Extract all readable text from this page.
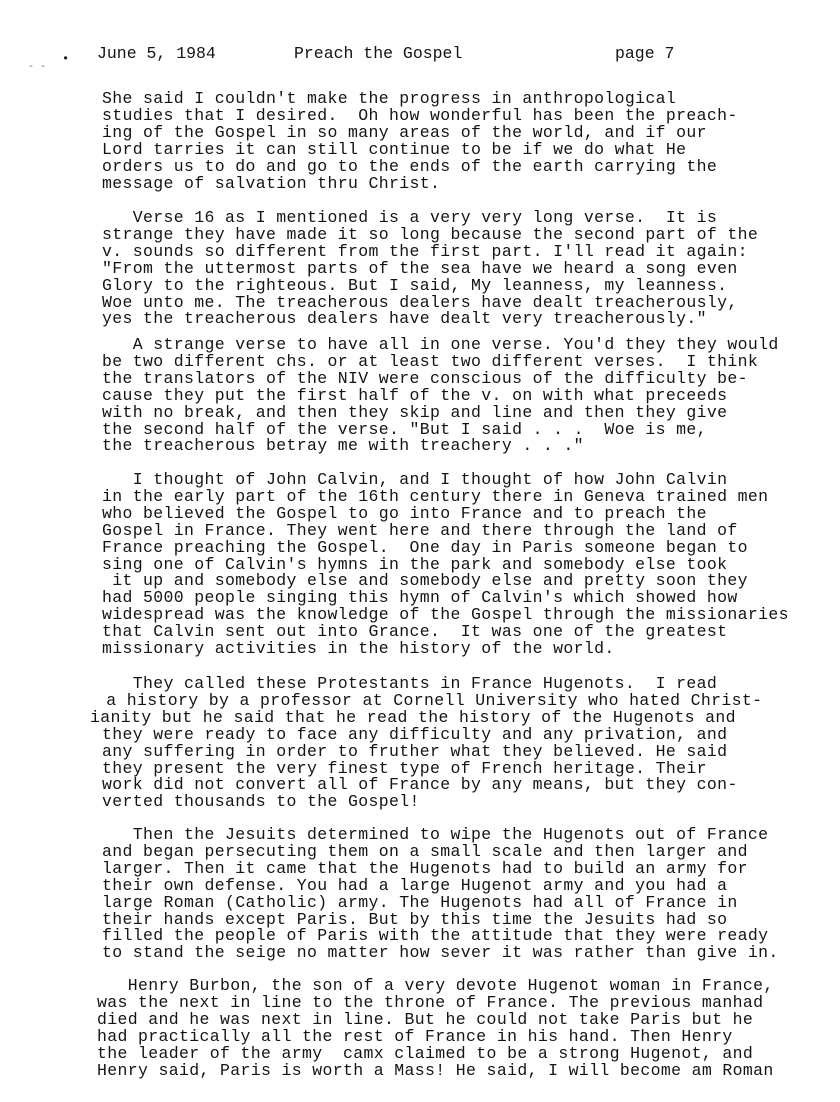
•
- -
June 5, 1984	Preach the Gospel	page 7
She said I couldn't make the progress in anthropological
studies that I desired.  Oh how wonderful has been the preach-
ing of the Gospel in so many areas of the world, and if our
Lord tarries it can still continue to be if we do what He
orders us to do and go to the ends of the earth carrying the
message of salvation thru Christ.
Verse 16 as I mentioned is a very very long verse.  It is
strange they have made it so long because the second part of the
v. sounds so different from the first part. I'll read it again:
"From the uttermost parts of the sea have we heard a song even
Glory to the righteous. But I said, My leanness, my leanness.
Woe unto me. The treacherous dealers have dealt treacherously,
yes the treacherous dealers have dealt very treacherously."
A strange verse to have all in one verse. You'd they they would
be two different chs. or at least two different verses.  I think
the translators of the NIV were conscious of the difficulty be-
cause they put the first half of the v. on with what preceeds
with no break, and then they skip and line and then they give
the second half of the verse. "But I said . . .  Woe is me,
the treacherous betray me with treachery . . ."
I thought of John Calvin, and I thought of how John Calvin
in the early part of the 16th century there in Geneva trained men
who believed the Gospel to go into France and to preach the
Gospel in France. They went here and there through the land of
France preaching the Gospel.  One day in Paris someone began to
sing one of Calvin's hymns in the park and somebody else took
it up and somebody else and somebody else and pretty soon they
had 5000 people singing this hymn of Calvin's which showed how
widespread was the knowledge of the Gospel through the missionaries
that Calvin sent out into Grance.  It was one of the greatest
missionary activities in the history of the world.
They called these Protestants in France Hugenots.  I read
a history by a professor at Cornell University who hated Christ-
ianity but he said that he read the history of the Hugenots and
they were ready to face any difficulty and any privation, and
any suffering in order to fruther what they believed. He said
they present the very finest type of French heritage. Their
work did not convert all of France by any means, but they con-
verted thousands to the Gospel!
Then the Jesuits determined to wipe the Hugenots out of France
and began persecuting them on a small scale and then larger and
larger. Then it came that the Hugenots had to build an army for
their own defense. You had a large Hugenot army and you had a
large Roman (Catholic) army. The Hugenots had all of France in
their hands except Paris. But by this time the Jesuits had so
filled the people of Paris with the attitude that they were ready
to stand the seige no matter how sever it was rather than give in.
Henry Burbon, the son of a very devote Hugenot woman in France,
was the next in line to the throne of France. The previous manhad
died and he was next in line. But he could not take Paris but he
had practically all the rest of France in his hand. Then Henry
the leader of the army  camx claimed to be a strong Hugenot, and
Henry said, Paris is worth a Mass! He said, I will become am Roman
